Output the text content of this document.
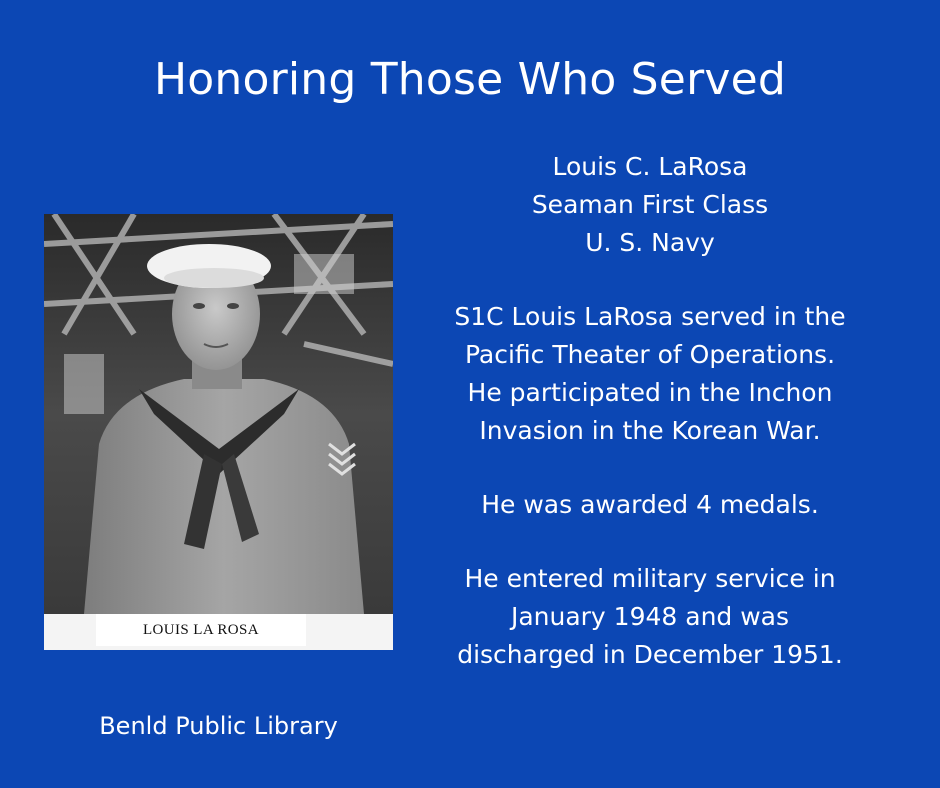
Honoring Those Who Served
LOUIS LA ROSA

Louis C. LaRosa

Seaman First Class

U. S. Navy

S1C Louis LaRosa served in the

Pacific Theater of Operations.

He participated in the Inchon

Invasion in the Korean War.

He was awarded 4 medals.

He entered military service in

January 1948 and was

discharged in December 1951.

Benld Public Library
